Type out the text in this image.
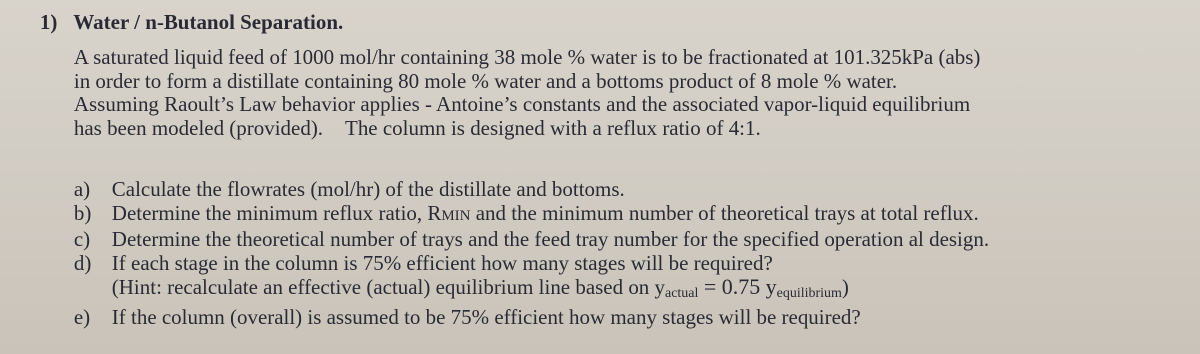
1) Water / n-Butanol Separation.
A saturated liquid feed of 1000 mol/hr containing 38 mole % water is to be fractionated at 101.325kPa (abs)
in order to form a distillate containing 80 mole % water and a bottoms product of 8 mole % water.
Assuming Raoult’s Law behavior applies - Antoine’s constants and the associated vapor-liquid equilibrium
has been modeled (provided). The column is designed with a reflux ratio of 4:1.
a) Calculate the flowrates (mol/hr) of the distillate and bottoms.
b) Determine the minimum reflux ratio, RMIN and the minimum number of theoretical trays at total reflux.
c) Determine the theoretical number of trays and the feed tray number for the specified operation al design.
d) If each stage in the column is 75% efficient how many stages will be required?
(Hint: recalculate an effective (actual) equilibrium line based on $y_{actual} = 0.75$ $y_{equilibrium}$)
e) If the column (overall) is assumed to be 75% efficient how many stages will be required?
